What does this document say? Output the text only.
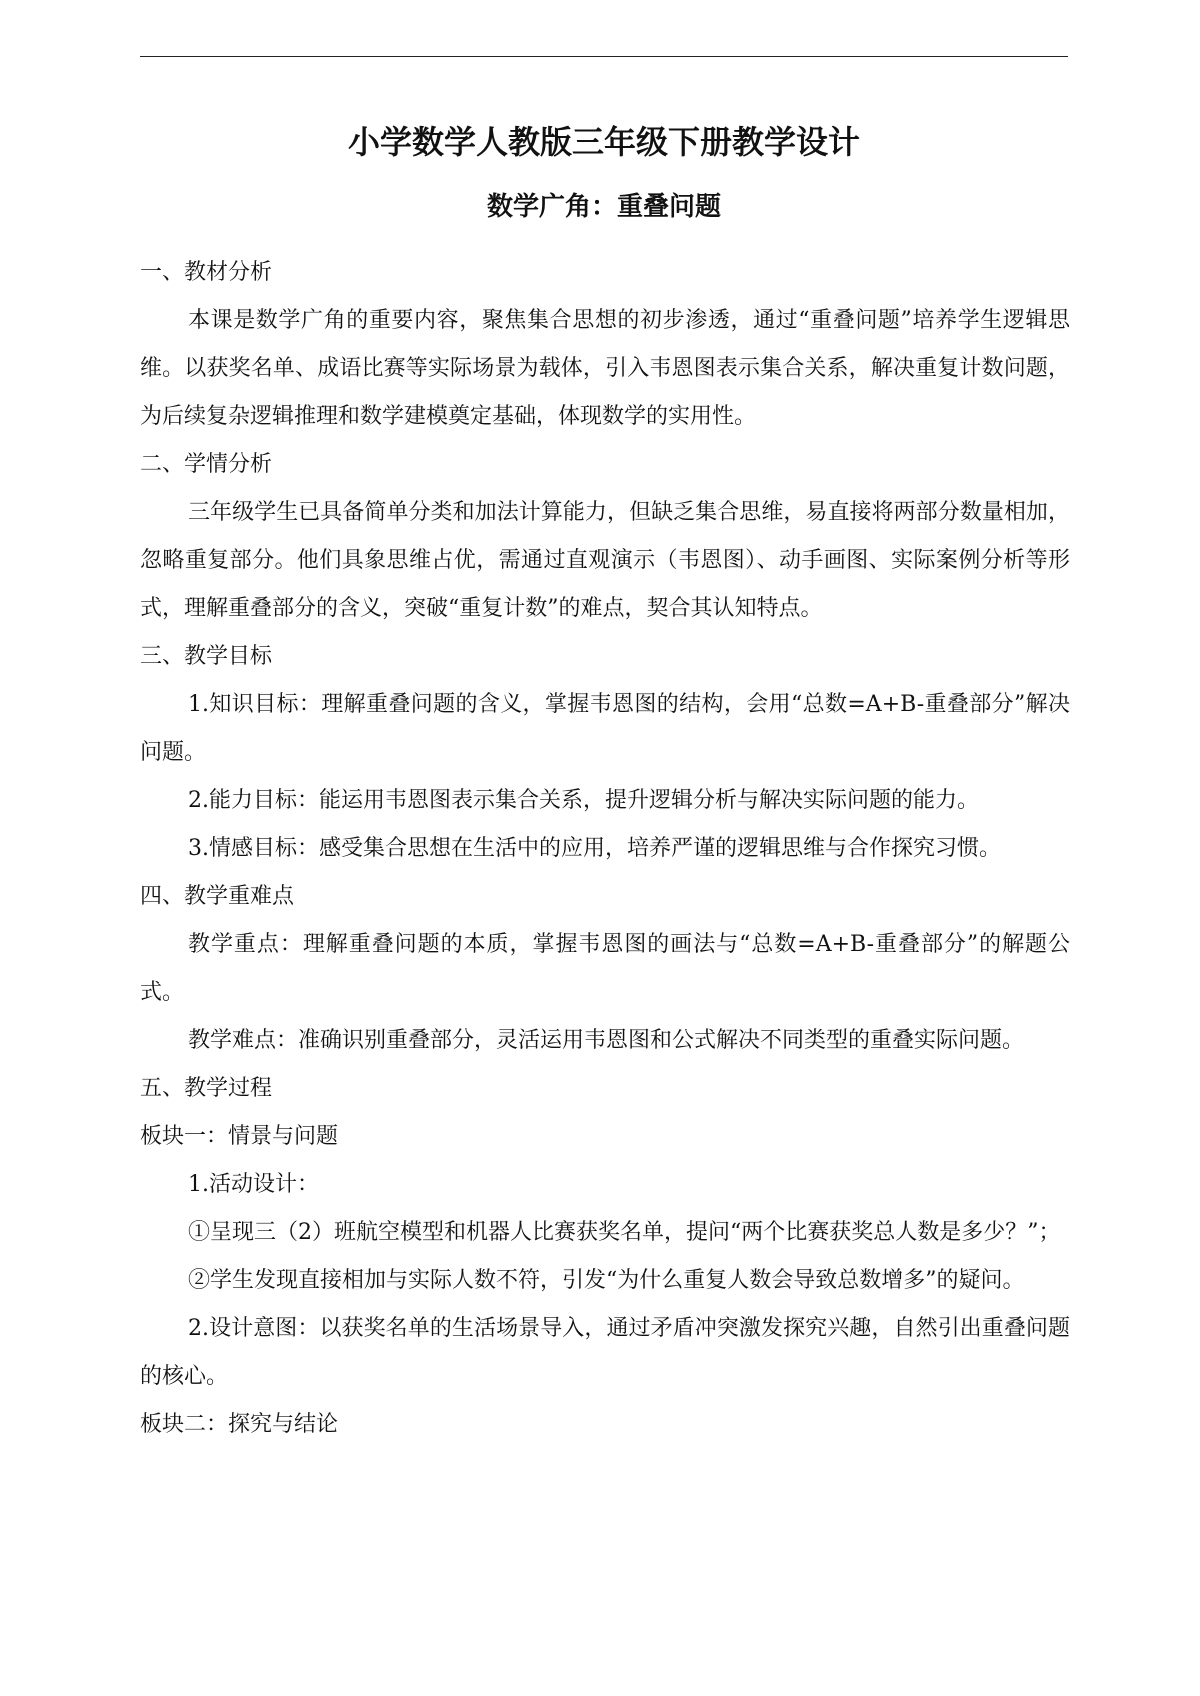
小学数学人教版三年级下册教学设计
数学广角：重叠问题
一、教材分析
本课是数学广角的重要内容，聚焦集合思想的初步渗透，通过“重叠问题”培养学生逻辑思维。以获奖名单、成语比赛等实际场景为载体，引入韦恩图表示集合关系，解决重复计数问题，为后续复杂逻辑推理和数学建模奠定基础，体现数学的实用性。
二、学情分析
三年级学生已具备简单分类和加法计算能力，但缺乏集合思维，易直接将两部分数量相加，忽略重复部分。他们具象思维占优，需通过直观演示（韦恩图）、动手画图、实际案例分析等形式，理解重叠部分的含义，突破“重复计数”的难点，契合其认知特点。
三、教学目标
1.知识目标：理解重叠问题的含义，掌握韦恩图的结构，会用“总数=A+B-重叠部分”解决问题。
2.能力目标：能运用韦恩图表示集合关系，提升逻辑分析与解决实际问题的能力。
3.情感目标：感受集合思想在生活中的应用，培养严谨的逻辑思维与合作探究习惯。
四、教学重难点
教学重点：理解重叠问题的本质，掌握韦恩图的画法与“总数=A+B-重叠部分”的解题公式。
教学难点：准确识别重叠部分，灵活运用韦恩图和公式解决不同类型的重叠实际问题。
五、教学过程
板块一：情景与问题
1.活动设计：
①呈现三（2）班航空模型和机器人比赛获奖名单，提问“两个比赛获奖总人数是多少？”；
②学生发现直接相加与实际人数不符，引发“为什么重复人数会导致总数增多”的疑问。
2.设计意图：以获奖名单的生活场景导入，通过矛盾冲突激发探究兴趣，自然引出重叠问题的核心。
板块二：探究与结论
